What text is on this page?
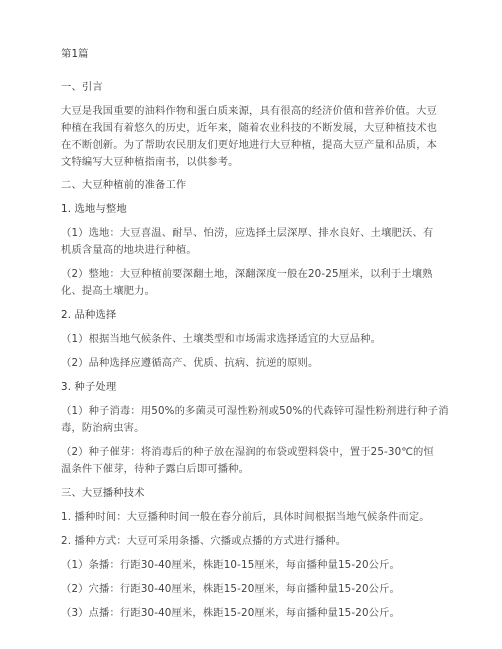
第1篇
一、引言
大豆是我国重要的油料作物和蛋白质来源，具有很高的经济价值和营养价值。大豆
种植在我国有着悠久的历史，近年来，随着农业科技的不断发展，大豆种植技术也
在不断创新。为了帮助农民朋友们更好地进行大豆种植，提高大豆产量和品质，本
文特编写大豆种植指南书，以供参考。
二、大豆种植前的准备工作
1. 选地与整地
（1）选地：大豆喜温、耐旱、怕涝，应选择土层深厚、排水良好、土壤肥沃、有
机质含量高的地块进行种植。
（2）整地：大豆种植前要深翻土地，深翻深度一般在20-25厘米，以利于土壤熟
化、提高土壤肥力。
2. 品种选择
（1）根据当地气候条件、土壤类型和市场需求选择适宜的大豆品种。
（2）品种选择应遵循高产、优质、抗病、抗逆的原则。
3. 种子处理
（1）种子消毒：用50%的多菌灵可湿性粉剂或50%的代森锌可湿性粉剂进行种子消
毒，防治病虫害。
（2）种子催芽：将消毒后的种子放在湿润的布袋或塑料袋中，置于25-30℃的恒
温条件下催芽，待种子露白后即可播种。
三、大豆播种技术
1. 播种时间：大豆播种时间一般在春分前后，具体时间根据当地气候条件而定。
2. 播种方式：大豆可采用条播、穴播或点播的方式进行播种。
（1）条播：行距30-40厘米，株距10-15厘米，每亩播种量15-20公斤。
（2）穴播：行距30-40厘米，株距15-20厘米，每亩播种量15-20公斤。
（3）点播：行距30-40厘米，株距15-20厘米，每亩播种量15-20公斤。
